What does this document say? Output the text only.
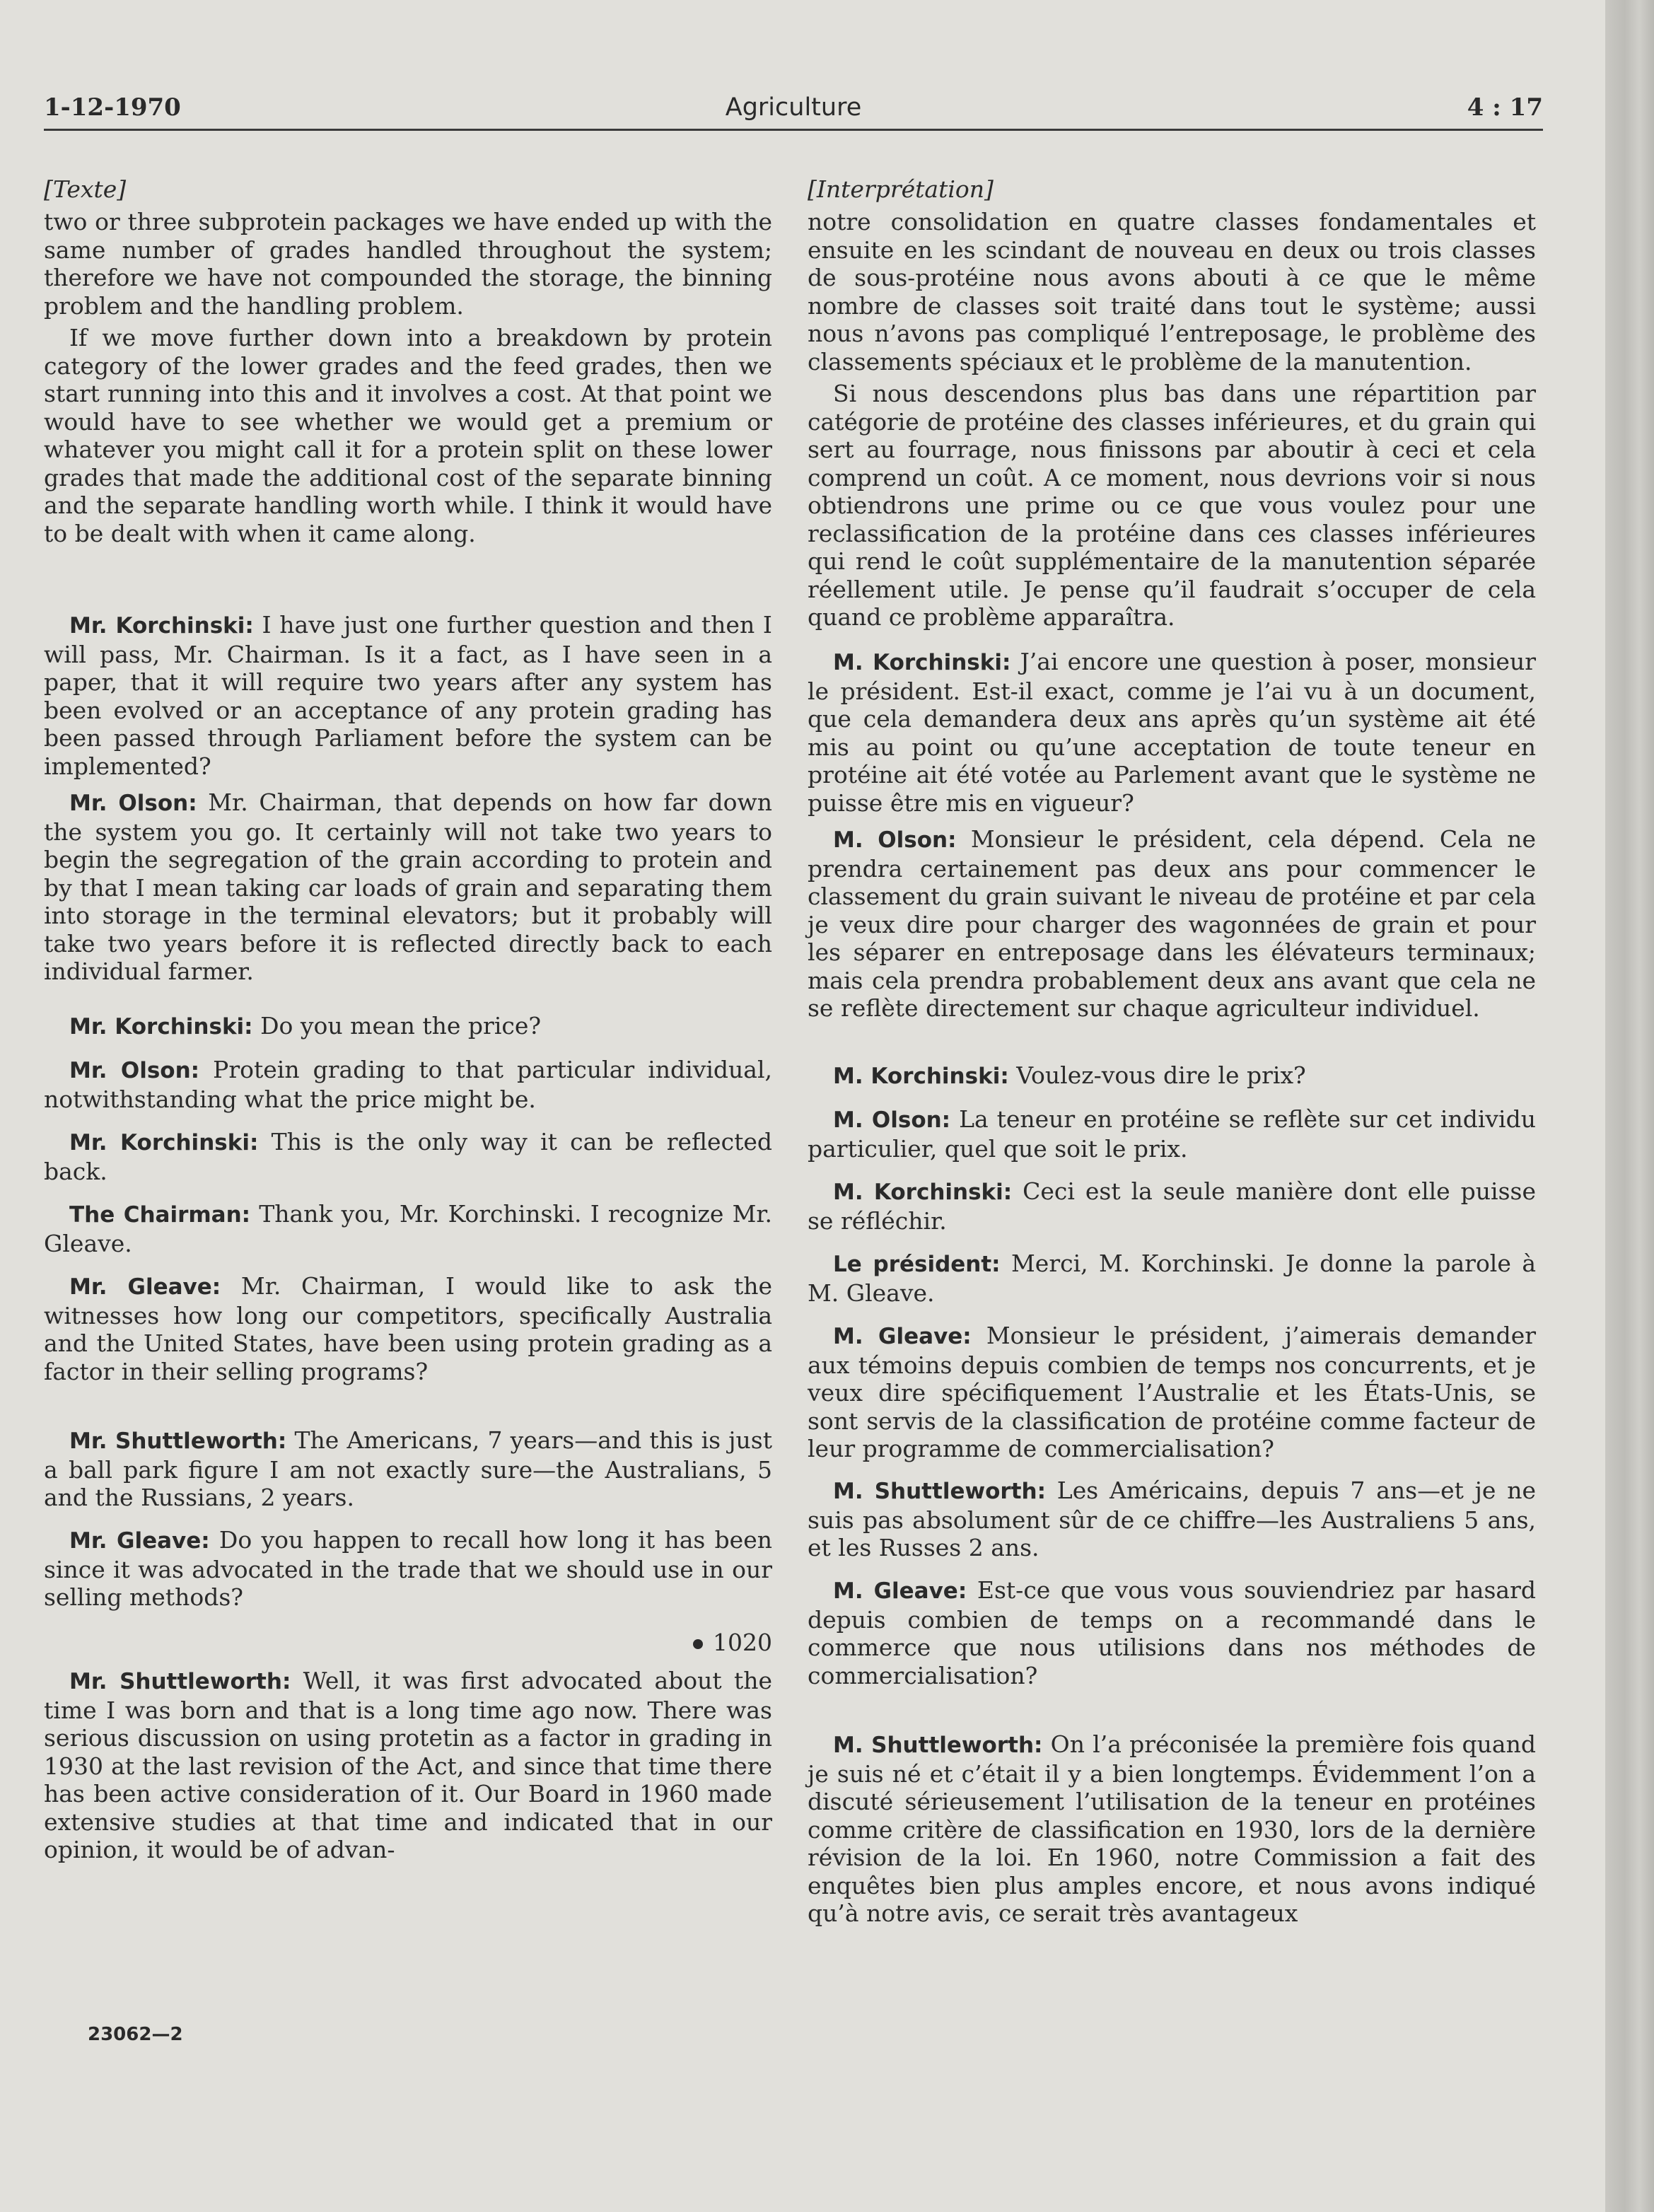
1-12-1970	Agriculture	4 : 17
[Texte]

two or three subprotein packages we have ended up with the same number of grades handled throughout the system; therefore we have not compounded the storage, the binning problem and the handling problem.

If we move further down into a breakdown by protein category of the lower grades and the feed grades, then we start running into this and it involves a cost. At that point we would have to see whether we would get a premium or whatever you might call it for a protein split on these lower grades that made the additional cost of the separate binning and the separate handling worth while. I think it would have to be dealt with when it came along.

Mr. Korchinski: I have just one further question and then I will pass, Mr. Chairman. Is it a fact, as I have seen in a paper, that it will require two years after any system has been evolved or an acceptance of any protein grading has been passed through Parliament before the system can be implemented?

Mr. Olson: Mr. Chairman, that depends on how far down the system you go. It certainly will not take two years to begin the segregation of the grain according to protein and by that I mean taking car loads of grain and separating them into storage in the terminal elevators; but it probably will take two years before it is reflected directly back to each individual farmer.

Mr. Korchinski: Do you mean the price?

Mr. Olson: Protein grading to that particular individual, notwithstanding what the price might be.

Mr. Korchinski: This is the only way it can be reflected back.

The Chairman: Thank you, Mr. Korchinski. I recognize Mr. Gleave.

Mr. Gleave: Mr. Chairman, I would like to ask the witnesses how long our competitors, specifically Australia and the United States, have been using protein grading as a factor in their selling programs?

Mr. Shuttleworth: The Americans, 7 years—and this is just a ball park figure I am not exactly sure—the Australians, 5 and the Russians, 2 years.

Mr. Gleave: Do you happen to recall how long it has been since it was advocated in the trade that we should use in our selling methods?

1020

Mr. Shuttleworth: Well, it was first advocated about the time I was born and that is a long time ago now. There was serious discussion on using protetin as a factor in grading in 1930 at the last revision of the Act, and since that time there has been active consideration of it. Our Board in 1960 made extensive studies at that time and indicated that in our opinion, it would be of advan-

[Interprétation]

notre consolidation en quatre classes fondamentales et ensuite en les scindant de nouveau en deux ou trois classes de sous-protéine nous avons abouti à ce que le même nombre de classes soit traité dans tout le système; aussi nous n’avons pas compliqué l’entreposage, le problème des classements spéciaux et le problème de la manutention.

Si nous descendons plus bas dans une répartition par catégorie de protéine des classes inférieures, et du grain qui sert au fourrage, nous finissons par aboutir à ceci et cela comprend un coût. A ce moment, nous devrions voir si nous obtiendrons une prime ou ce que vous voulez pour une reclassification de la protéine dans ces classes inférieures qui rend le coût supplémentaire de la manutention séparée réellement utile. Je pense qu’il faudrait s’occuper de cela quand ce problème apparaîtra.

M. Korchinski: J’ai encore une question à poser, monsieur le président. Est-il exact, comme je l’ai vu à un document, que cela demandera deux ans après qu’un système ait été mis au point ou qu’une acceptation de toute teneur en protéine ait été votée au Parlement avant que le système ne puisse être mis en vigueur?

M. Olson: Monsieur le président, cela dépend. Cela ne prendra certainement pas deux ans pour commencer le classement du grain suivant le niveau de protéine et par cela je veux dire pour charger des wagonnées de grain et pour les séparer en entreposage dans les élévateurs terminaux; mais cela prendra probablement deux ans avant que cela ne se reflète directement sur chaque agriculteur individuel.

M. Korchinski: Voulez-vous dire le prix?

M. Olson: La teneur en protéine se reflète sur cet individu particulier, quel que soit le prix.

M. Korchinski: Ceci est la seule manière dont elle puisse se réfléchir.

Le président: Merci, M. Korchinski. Je donne la parole à M. Gleave.

M. Gleave: Monsieur le président, j’aimerais demander aux témoins depuis combien de temps nos concurrents, et je veux dire spécifiquement l’Australie et les États-Unis, se sont servis de la classification de protéine comme facteur de leur programme de commercialisation?

M. Shuttleworth: Les Américains, depuis 7 ans—et je ne suis pas absolument sûr de ce chiffre—les Australiens 5 ans, et les Russes 2 ans.

M. Gleave: Est-ce que vous vous souviendriez par hasard depuis combien de temps on a recommandé dans le commerce que nous utilisions dans nos méthodes de commercialisation?

M. Shuttleworth: On l’a préconisée la première fois quand je suis né et c’était il y a bien longtemps. Évidemment l’on a discuté sérieusement l’utilisation de la teneur en protéines comme critère de classification en 1930, lors de la dernière révision de la loi. En 1960, notre Commission a fait des enquêtes bien plus amples encore, et nous avons indiqué qu’à notre avis, ce serait très avantageux

23062—2
